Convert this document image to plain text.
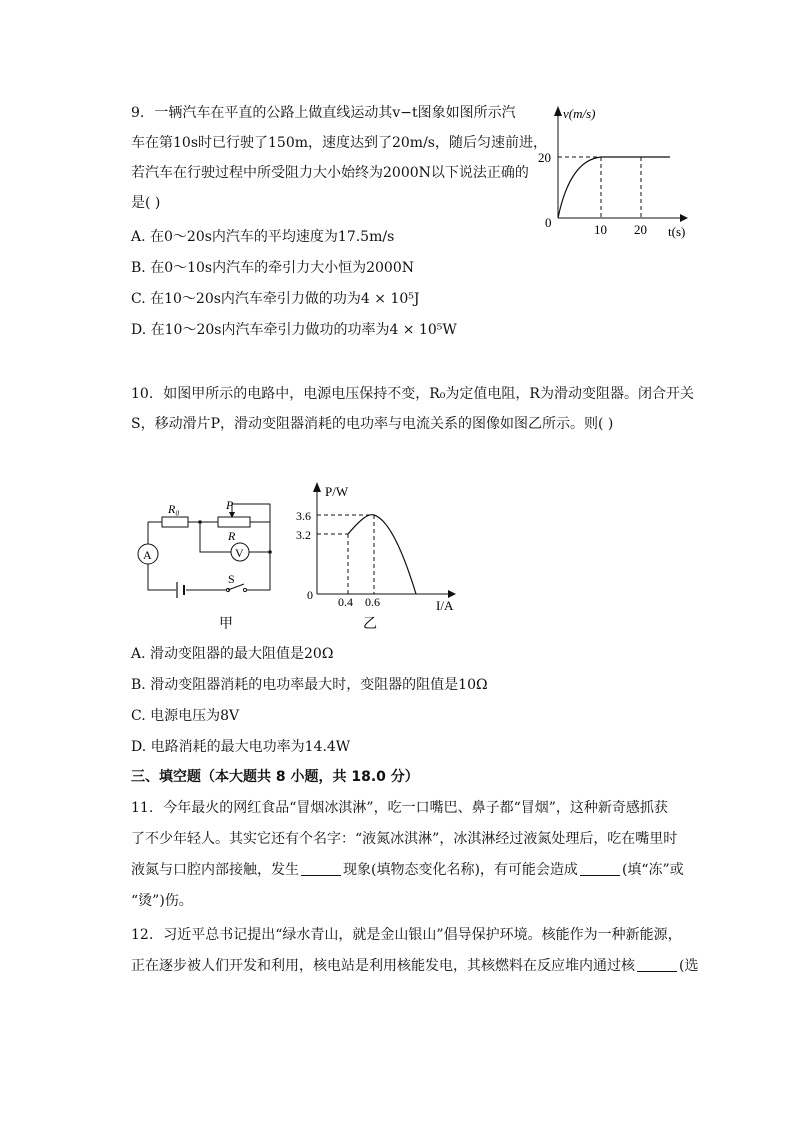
9. 一辆汽车在平直的公路上做直线运动其v−t图象如图所示汽
车在第10s时已行驶了150m，速度达到了20m/s，随后匀速前进，
若汽车在行驶过程中所受阻力大小始终为2000N以下说法正确的
是( )
A. 在0～20s内汽车的平均速度为17.5m/s
B. 在0～10s内汽车的牵引力大小恒为2000N
C. 在10～20s内汽车牵引力做的功为4 × 10⁵J
D. 在10～20s内汽车牵引力做功的功率为4 × 10⁵W
v(m/s)
20
0	10 20 t(s)
10. 如图甲所示的电路中，电源电压保持不变，R₀为定值电阻，R为滑动变阻器。闭合开关
S，移动滑片P，滑动变阻器消耗的电功率与电流关系的图像如图乙所示。则( )
R₀	P
R
A	V
S
甲
P/W
3.6
3.2
0 0.4 0.6	I/A
乙
A. 滑动变阻器的最大阻值是20Ω
B. 滑动变阻器消耗的电功率最大时，变阻器的阻值是10Ω
C. 电源电压为8V
D. 电路消耗的最大电功率为14.4W
三、填空题（本大题共 8 小题，共 18.0 分）
11. 今年最火的网红食品“冒烟冰淇淋”，吃一口嘴巴、鼻子都“冒烟”，这种新奇感抓获
了不少年轻人。其实它还有个名字：“液氮冰淇淋”，冰淇淋经过液氮处理后，吃在嘴里时
液氮与口腔内部接触，发生	现象(填物态变化名称)，有可能会造成	(填“冻”或
“烫”)伤。
12. 习近平总书记提出“绿水青山，就是金山银山”倡导保护环境。核能作为一种新能源，
正在逐步被人们开发和利用，核电站是利用核能发电，其核燃料在反应堆内通过核	(选
